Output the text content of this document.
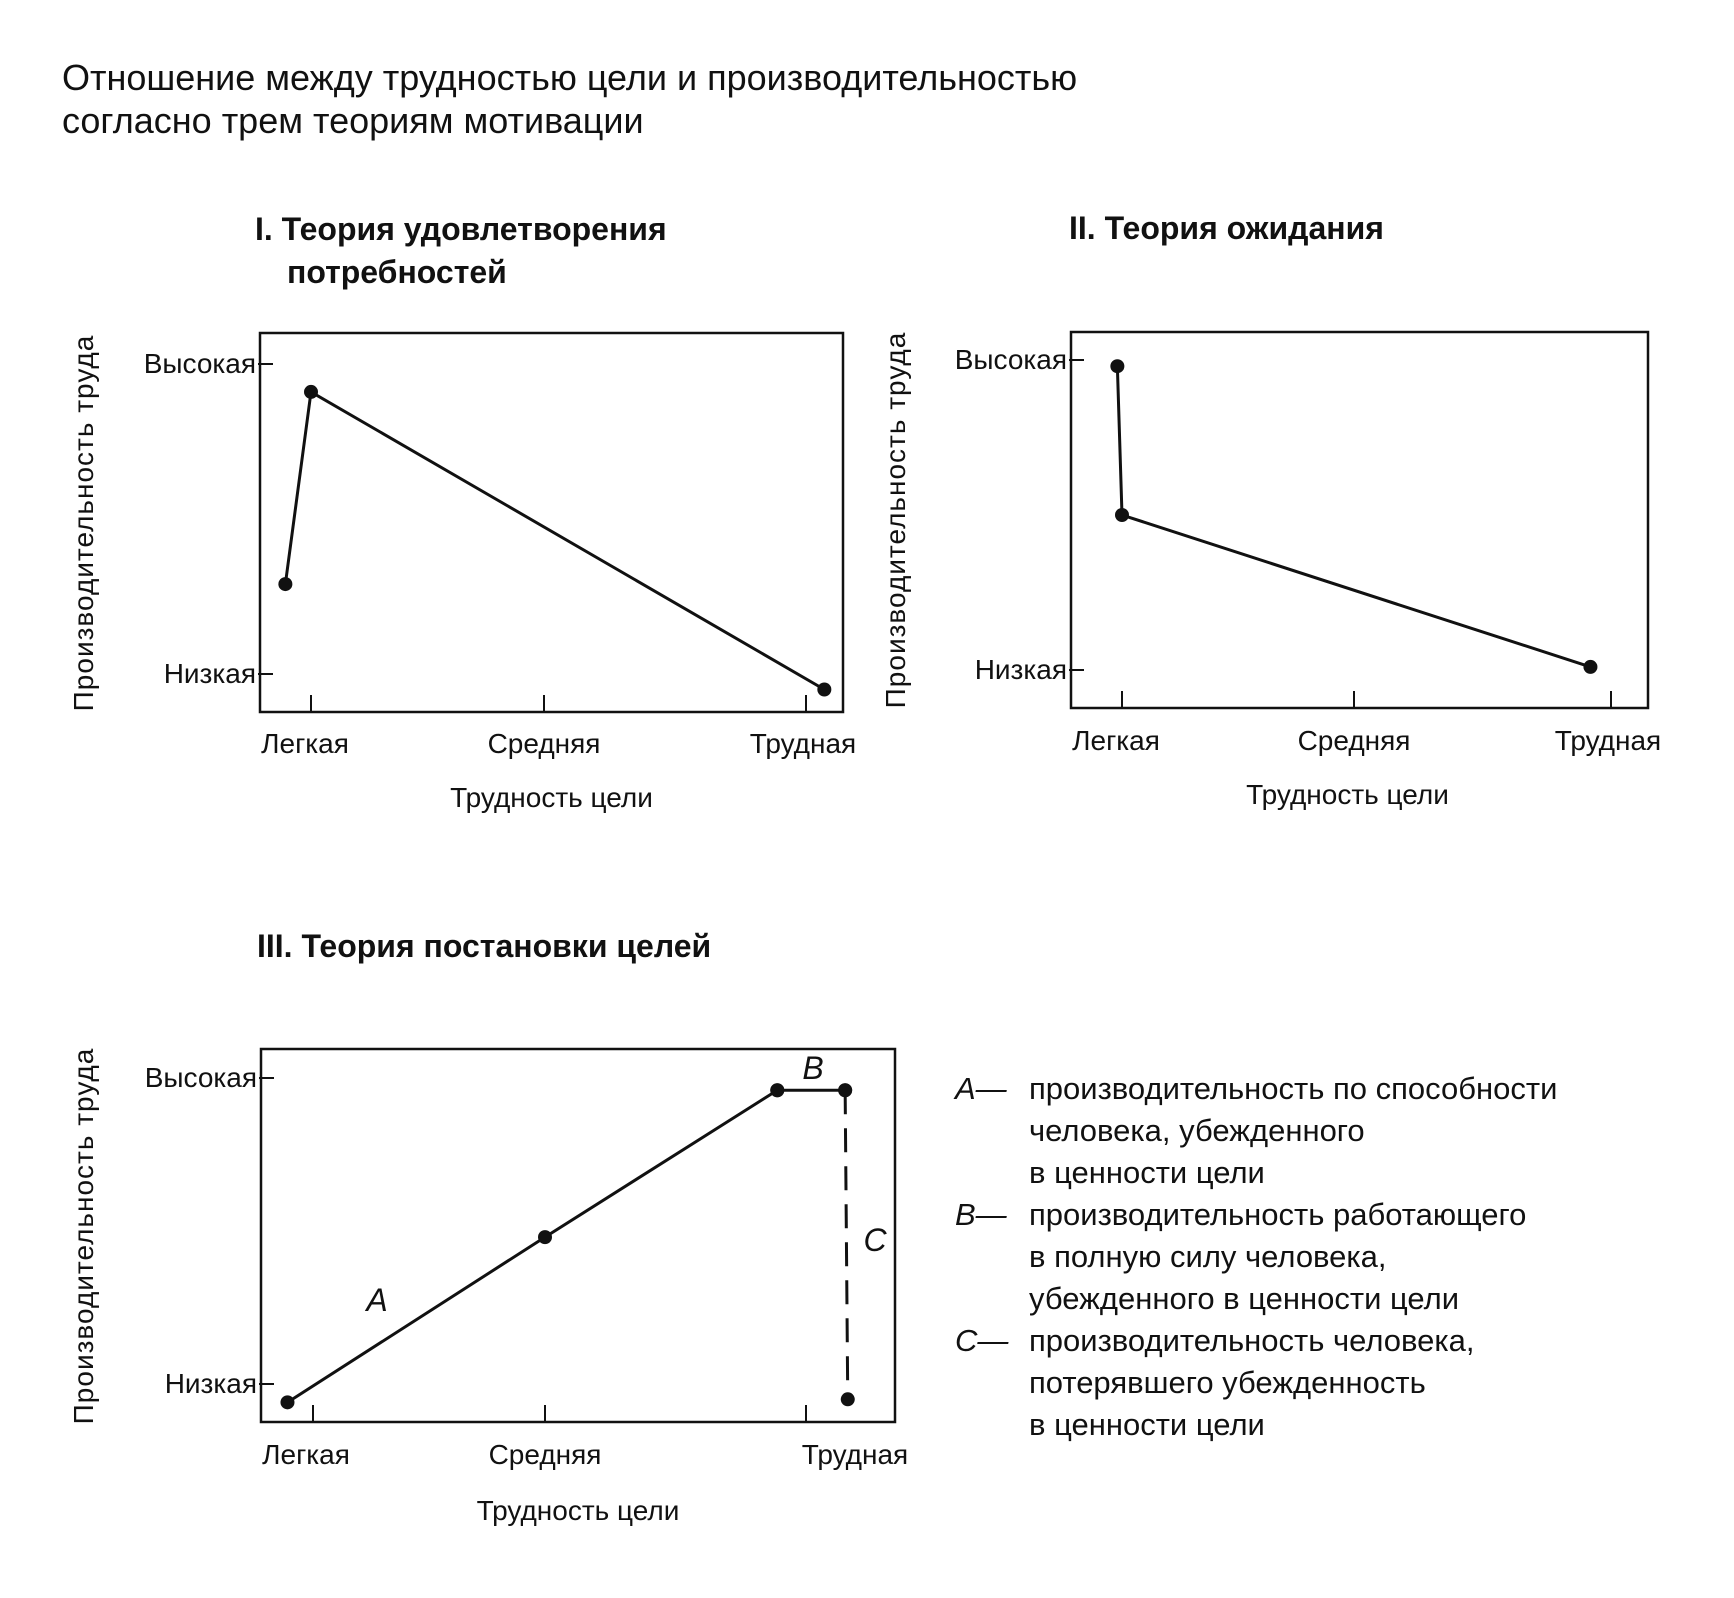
Отношение между трудностью цели и производительностью
согласно трем теориям мотивации
I. Теория удовлетворения
потребностей
II. Теория ожидания
III. Теория постановки целей
Низкая
Высокая
Легкая	Средняя	Трудная
Трудность цели
Производительность труда	Низкая
Высокая
Легкая	Средняя	Трудная
Трудность цели
Производительность труда
Низкая
Высокая
Легкая	Средняя	Трудная
Трудность цели
Производительность труда	A
B
C
A— производительность по способности
человека, убежденного
в ценности цели
B— производительность работающего
в полную силу человека,
убежденного в ценности цели
C— производительность человека,
потерявшего убежденность
в ценности цели
